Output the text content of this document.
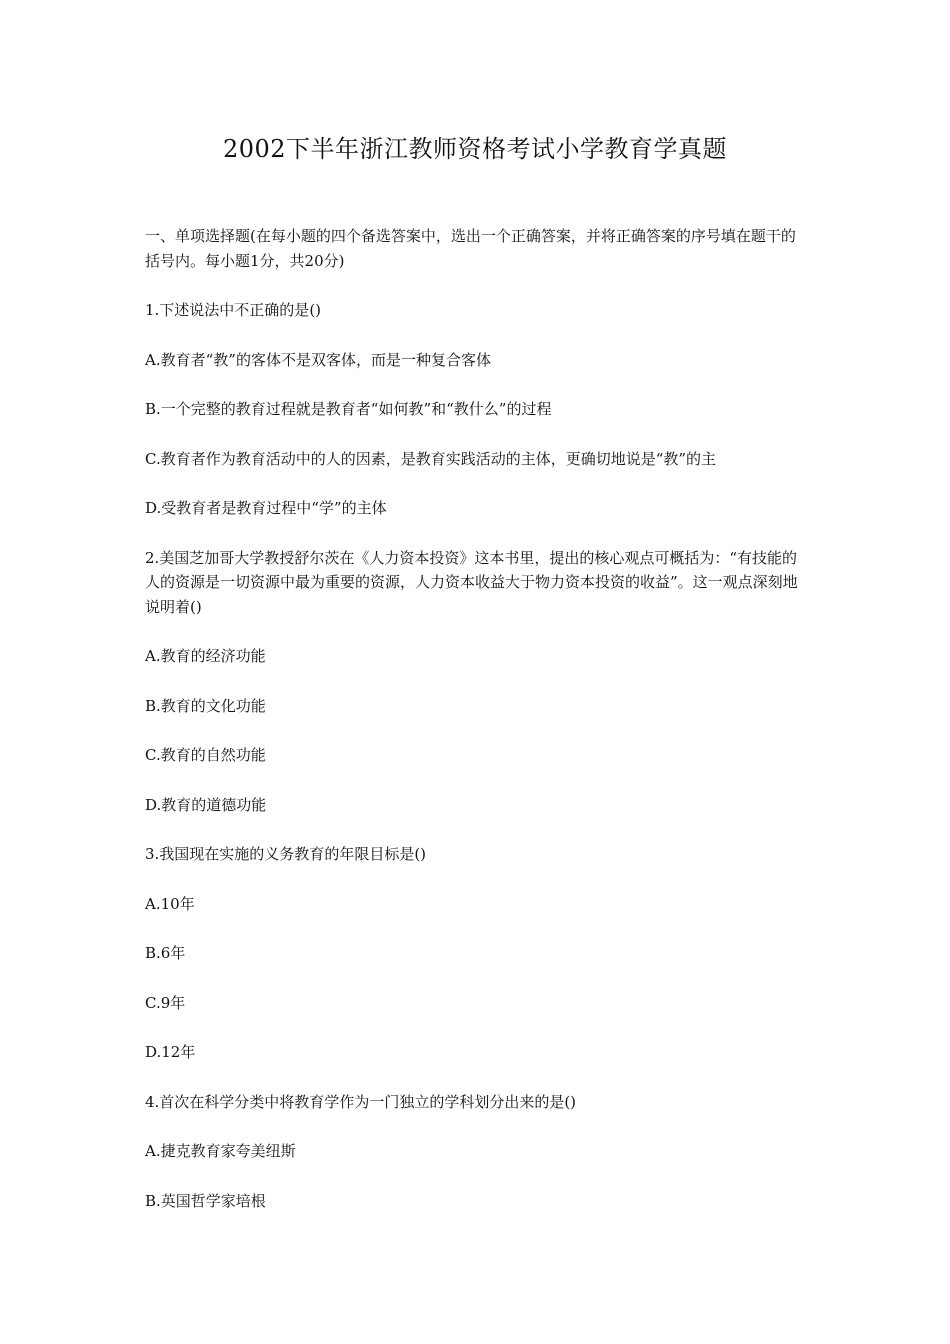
2002下半年浙江教师资格考试小学教育学真题

一、单项选择题(在每小题的四个备选答案中，选出一个正确答案，并将正确答案的序号填在题干的括号内。每小题1分，共20分)

1.下述说法中不正确的是()

A.教育者“教”的客体不是双客体，而是一种复合客体

B.一个完整的教育过程就是教育者“如何教”和“教什么”的过程

C.教育者作为教育活动中的人的因素，是教育实践活动的主体，更确切地说是“教”的主

D.受教育者是教育过程中“学”的主体

2.美国芝加哥大学教授舒尔茨在《人力资本投资》这本书里，提出的核心观点可概括为：“有技能的人的资源是一切资源中最为重要的资源，人力资本收益大于物力资本投资的收益”。这一观点深刻地说明着()

A.教育的经济功能

B.教育的文化功能

C.教育的自然功能

D.教育的道德功能

3.我国现在实施的义务教育的年限目标是()

A.10年

B.6年

C.9年

D.12年

4.首次在科学分类中将教育学作为一门独立的学科划分出来的是()

A.捷克教育家夸美纽斯

B.英国哲学家培根
